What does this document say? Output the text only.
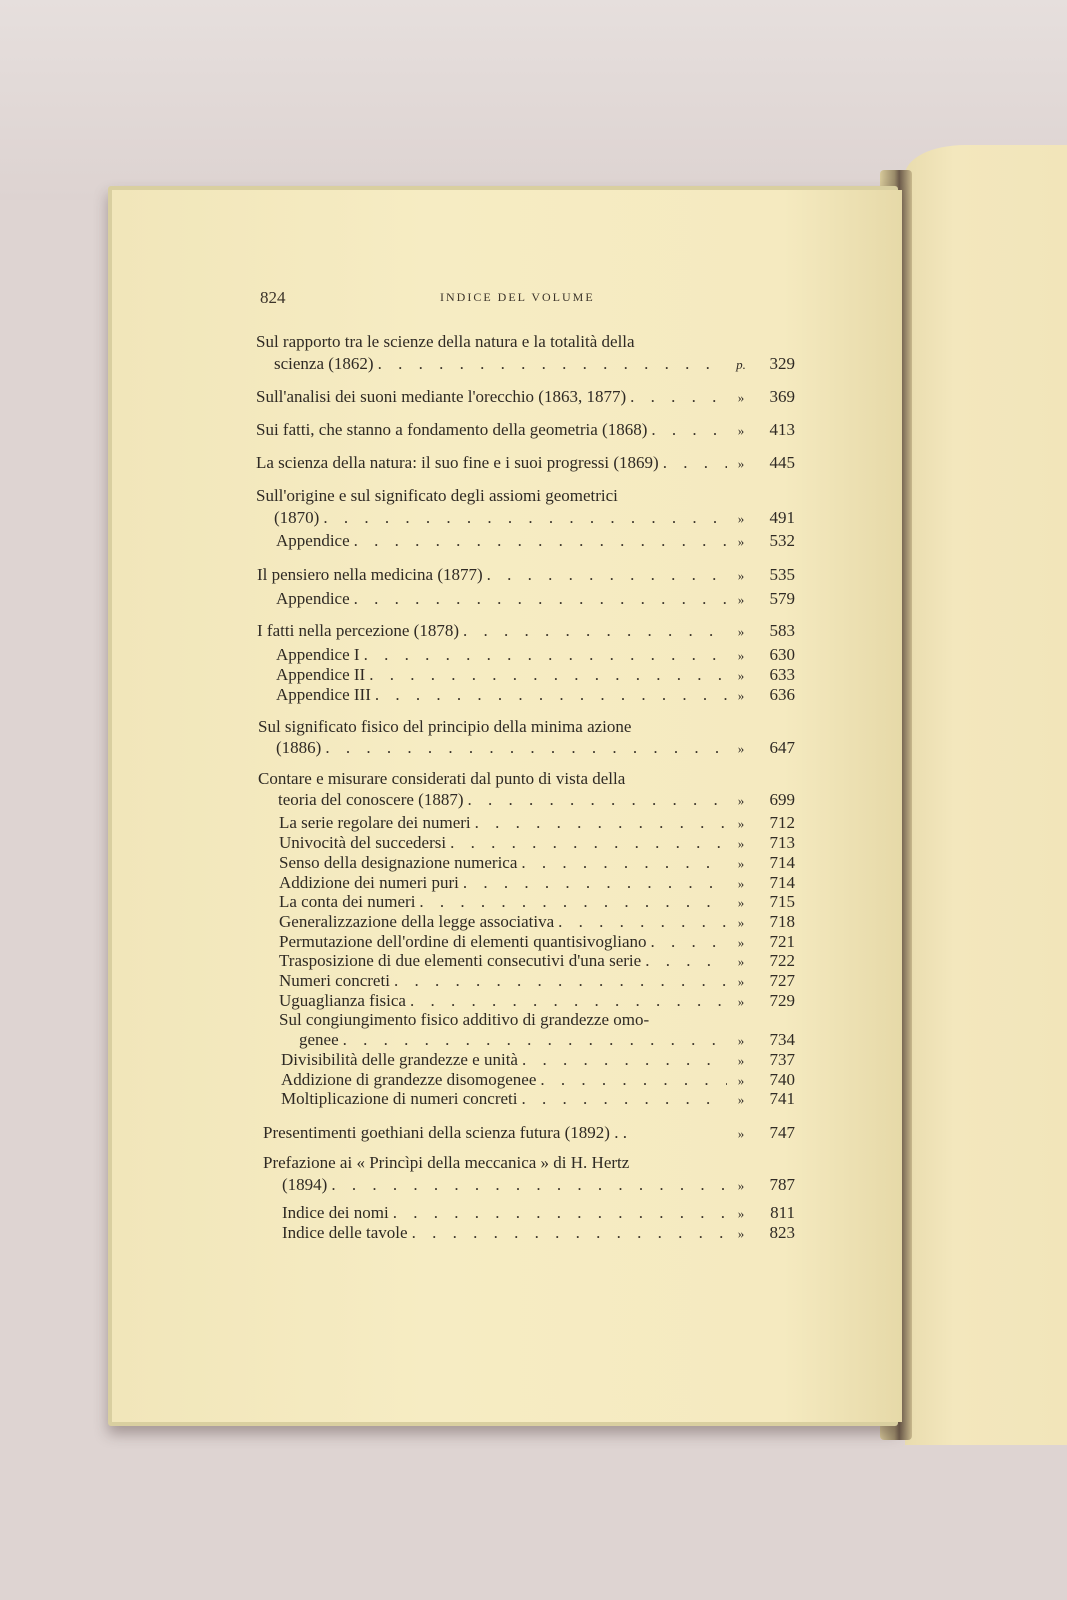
824	INDICE DEL VOLUME
Sul rapporto tra le scienze della natura e la totalità della
scienza (1862) . . .	p.	329
Sull'analisi dei suoni mediante l'orecchio (1863, 1877) . . .	»	369
Sui fatti, che stanno a fondamento della geometria (1868) . . .	»	413
La scienza della natura: il suo fine e i suoi progressi (1869) . . .	»	445
Sull'origine e sul significato degli assiomi geometrici
(1870) . . .	»	491
Appendice . . .	»	532
Il pensiero nella medicina (1877) . . .	»	535
Appendice . . .	»	579
I fatti nella percezione (1878) . . .	»	583
Appendice I . . .	»	630
Appendice II . . .	»	633
Appendice III . . .	»	636
Sul significato fisico del principio della minima azione
(1886) . . .	»	647
Contare e misurare considerati dal punto di vista della
teoria del conoscere (1887) . . .	»	699
La serie regolare dei numeri . . .	»	712
Univocità del succedersi . . .	»	713
Senso della designazione numerica . . .	»	714
Addizione dei numeri puri . . .	»	714
La conta dei numeri . . .	»	715
Generalizzazione della legge associativa . . .	»	718
Permutazione dell'ordine di elementi quantisivogliano . . .	»	721
Trasposizione di due elementi consecutivi d'una serie . . .	»	722
Numeri concreti . . .	»	727
Uguaglianza fisica . . .	»	729
Sul congiungimento fisico additivo di grandezze omo-
genee . . .	»	734
Divisibilità delle grandezze e unità . . .	»	737
Addizione di grandezze disomogenee . . .	»	740
Moltiplicazione di numeri concreti . . .	»	741
Presentimenti goethiani della scienza futura (1892) . .	»	747
Prefazione ai « Princìpi della meccanica » di H. Hertz
(1894) . . .	»	787
Indice dei nomi . . .	»	811
Indice delle tavole . . .	»	823
